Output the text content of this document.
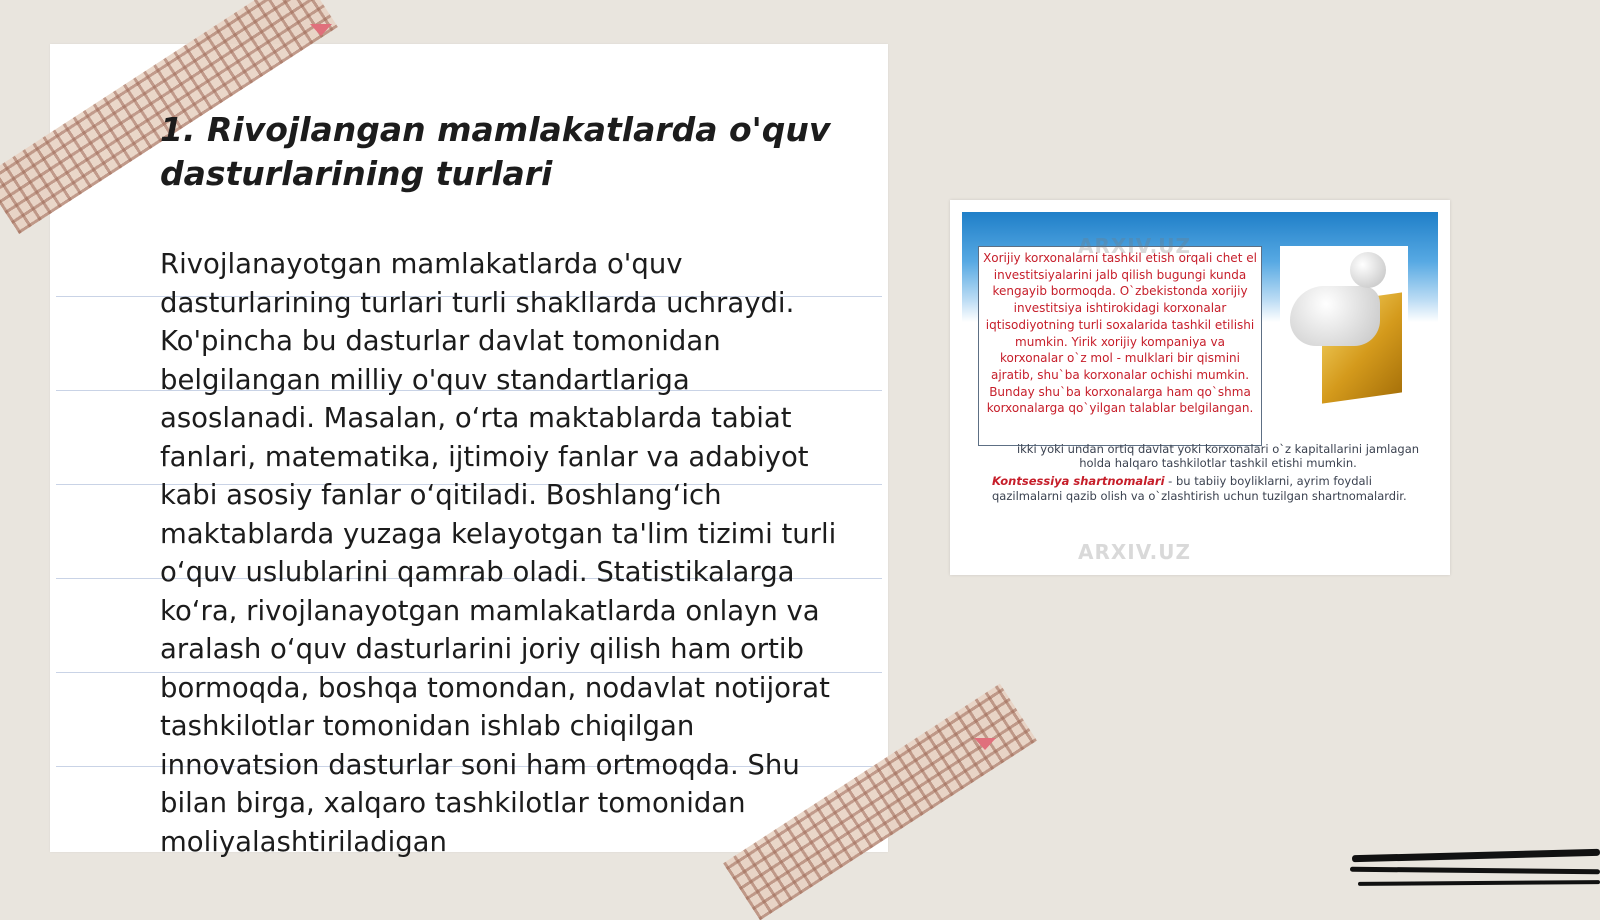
1. Rivojlangan mamlakatlarda o'quv dasturlarining turlari

Rivojlanayotgan mamlakatlarda o'quv dasturlarining turlari turli shakllarda uchraydi. Ko'pincha bu dasturlar davlat tomonidan belgilangan milliy o'quv standartlariga asoslanadi. Masalan, o‘rta maktablarda tabiat fanlari, matematika, ijtimoiy fanlar va adabiyot kabi asosiy fanlar o‘qitiladi. Boshlang‘ich maktablarda yuzaga kelayotgan ta'lim tizimi turli o‘quv uslublarini qamrab oladi. Statistikalarga ko‘ra, rivojlanayotgan mamlakatlarda onlayn va aralash o‘quv dasturlarini joriy qilish ham ortib bormoqda, boshqa tomondan, nodavlat notijorat tashkilotlar tomonidan ishlab chiqilgan innovatsion dasturlar soni ham ortmoqda. Shu bilan birga, xalqaro tashkilotlar tomonidan moliyalashtiriladigan

Xorijiy korxonalarni tashkil etish orqali chet el investitsiyalarini jalb qilish bugungi kunda kengayib bormoqda. O`zbekistonda xorijiy investitsiya ishtirokidagi korxonalar iqtisodiyotning turli soxalarida tashkil etilishi mumkin. Yirik xorijiy kompaniya va korxonalar o`z mol - mulklari bir qismini ajratib, shu`ba korxonalar ochishi mumkin. Bunday shu`ba korxonalarga ham qo`shma korxonalarga qo`yilgan talablar belgilangan.
ikki yoki undan ortiq davlat yoki korxonalari o`z kapitallarini jamlagan
holda halqaro tashkilotlar tashkil etishi mumkin.
Kontsessiya shartnomalari - bu tabiiy boyliklarni, ayrim foydali
qazilmalarni qazib olish va o`zlashtirish uchun tuzilgan shartnomalardir.
ARXIV.UZ
ARXIV.UZ
